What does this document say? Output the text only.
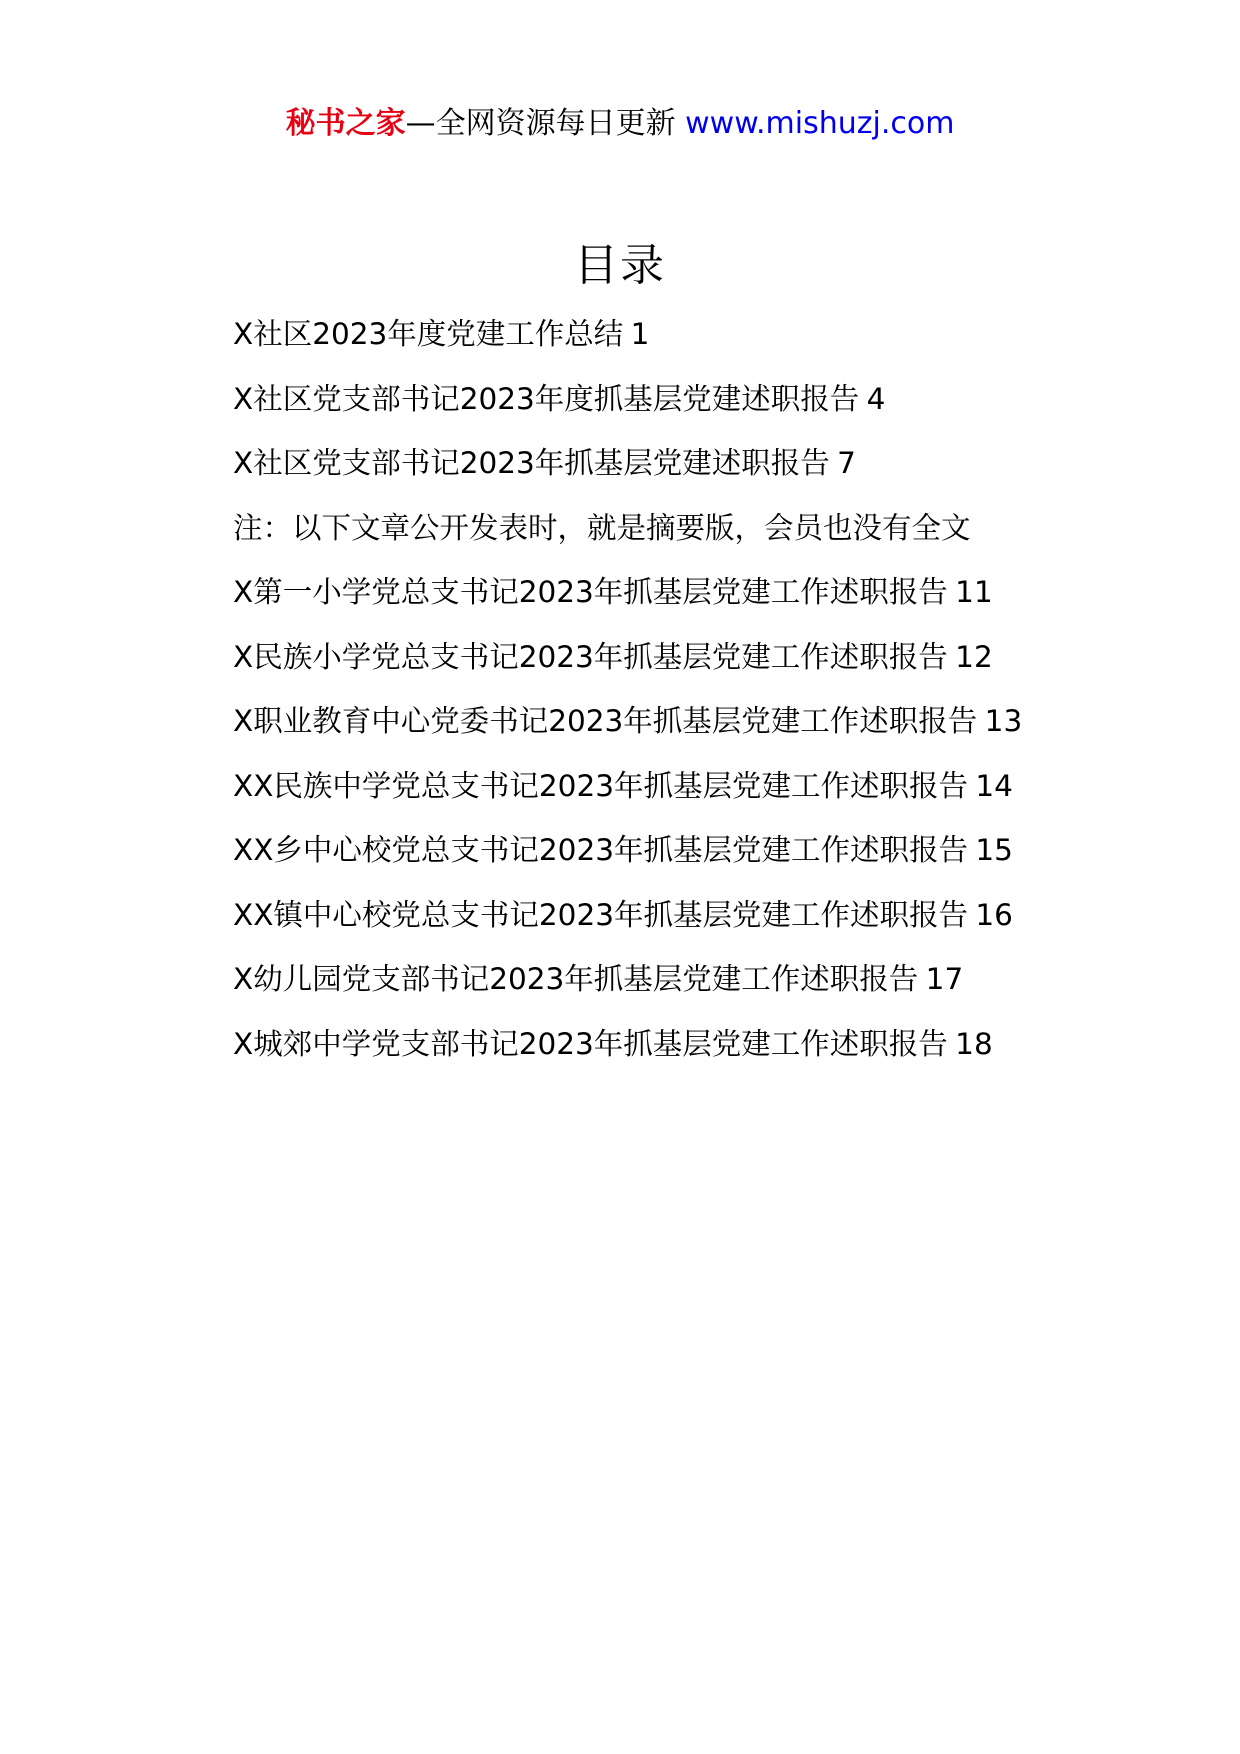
秘书之家—全网资源每日更新 www.mishuzj.com
目录

X社区2023年度党建工作总结 1

X社区党支部书记2023年度抓基层党建述职报告 4

X社区党支部书记2023年抓基层党建述职报告 7

注：以下文章公开发表时，就是摘要版，会员也没有全文

X第一小学党总支书记2023年抓基层党建工作述职报告 11

X民族小学党总支书记2023年抓基层党建工作述职报告 12

X职业教育中心党委书记2023年抓基层党建工作述职报告 13

XX民族中学党总支书记2023年抓基层党建工作述职报告 14

XX乡中心校党总支书记2023年抓基层党建工作述职报告 15

XX镇中心校党总支书记2023年抓基层党建工作述职报告 16

X幼儿园党支部书记2023年抓基层党建工作述职报告 17

X城郊中学党支部书记2023年抓基层党建工作述职报告 18
